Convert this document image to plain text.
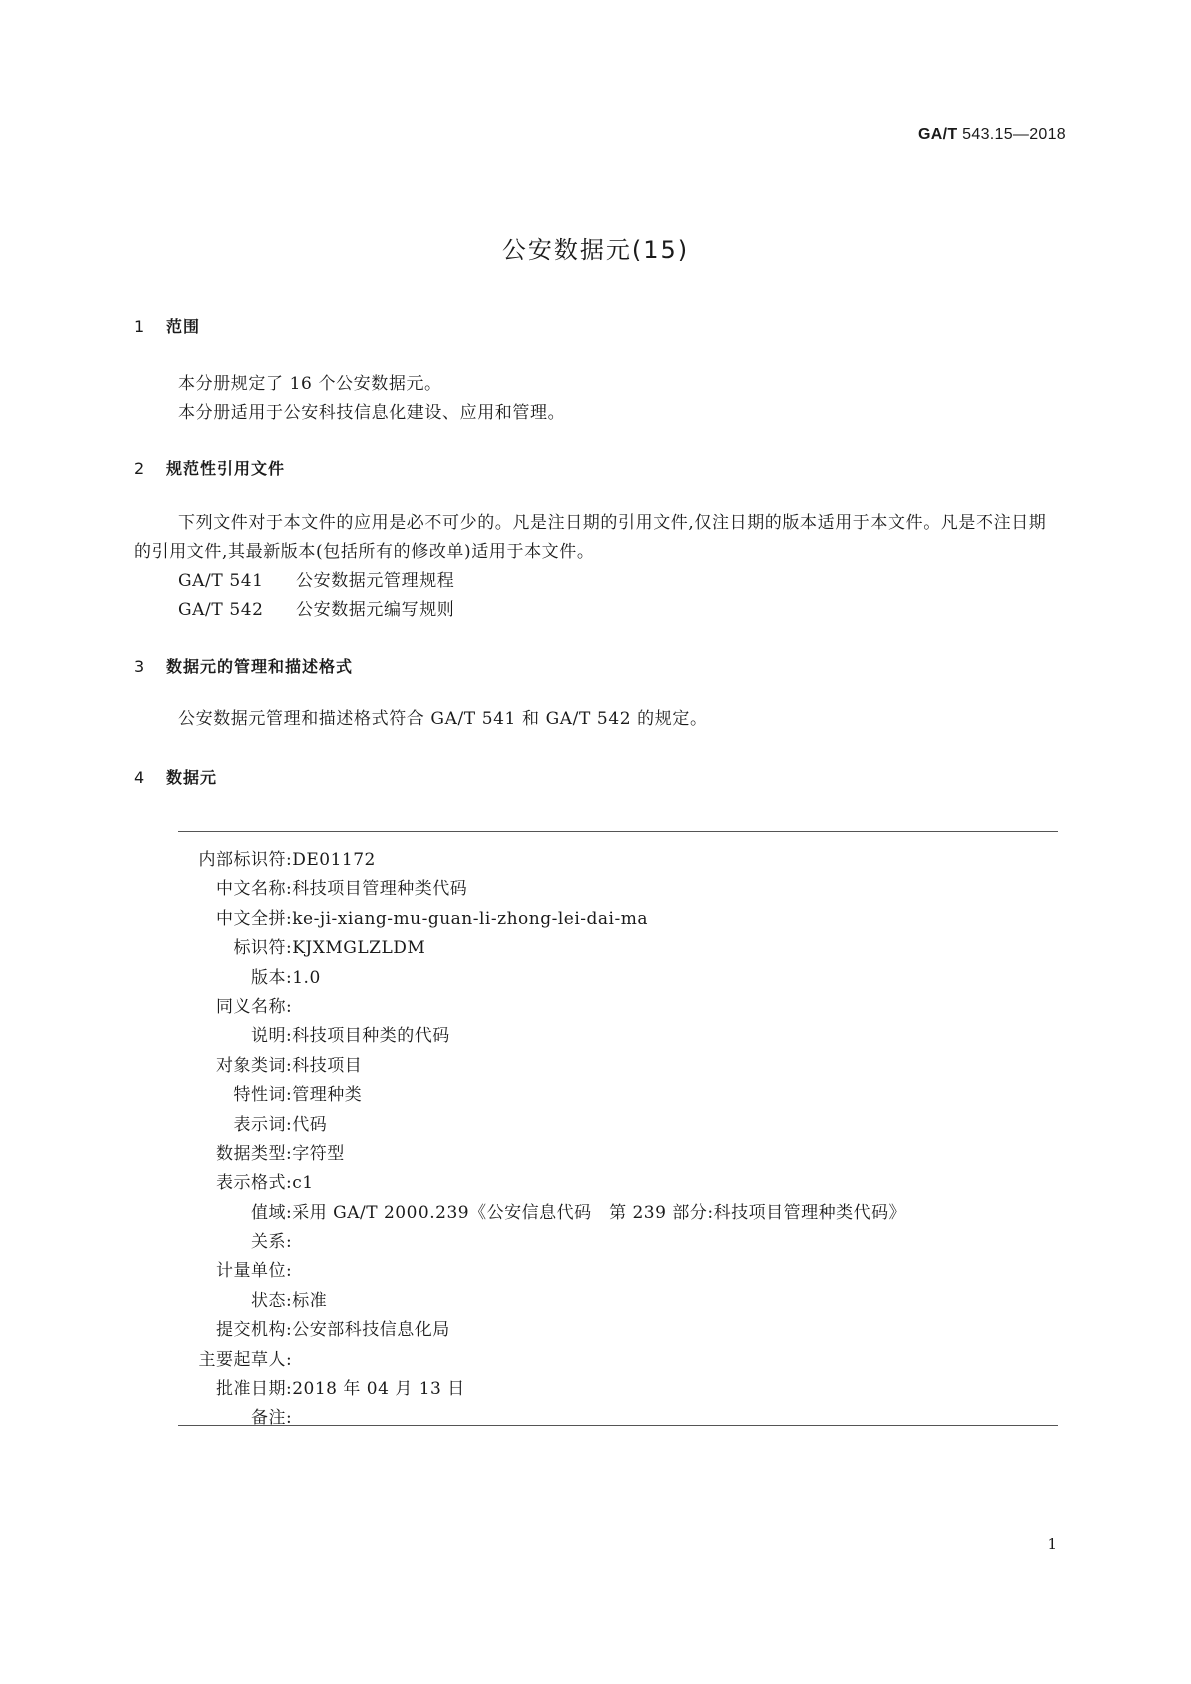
GA/T 543.15—2018
公安数据元(15)
1 范围

本分册规定了 16 个公安数据元。

本分册适用于公安科技信息化建设、应用和管理。

2 规范性引用文件

下列文件对于本文件的应用是必不可少的。凡是注日期的引用文件,仅注日期的版本适用于本文件。凡是不注日期的引用文件,其最新版本(包括所有的修改单)适用于本文件。

GA/T 541 公安数据元管理规程

GA/T 542 公安数据元编写规则

3 数据元的管理和描述格式

公安数据元管理和描述格式符合 GA/T 541 和 GA/T 542 的规定。

4 数据元
内部标识符 : DE01172
中文名称 : 科技项目管理种类代码
中文全拼 : ke-ji-xiang-mu-guan-li-zhong-lei-dai-ma
标识符 : KJXMGLZLDM
版本 : 1.0
同义名称 :
说明 : 科技项目种类的代码
对象类词 : 科技项目
特性词 : 管理种类
表示词 : 代码
数据类型 : 字符型
表示格式 : c1
值域 : 采用 GA/T 2000.239《公安信息代码　第 239 部分:科技项目管理种类代码》
关系 :
计量单位 :
状态 : 标准
提交机构 : 公安部科技信息化局
主要起草人 :
批准日期 : 2018 年 04 月 13 日
备注 :
1
